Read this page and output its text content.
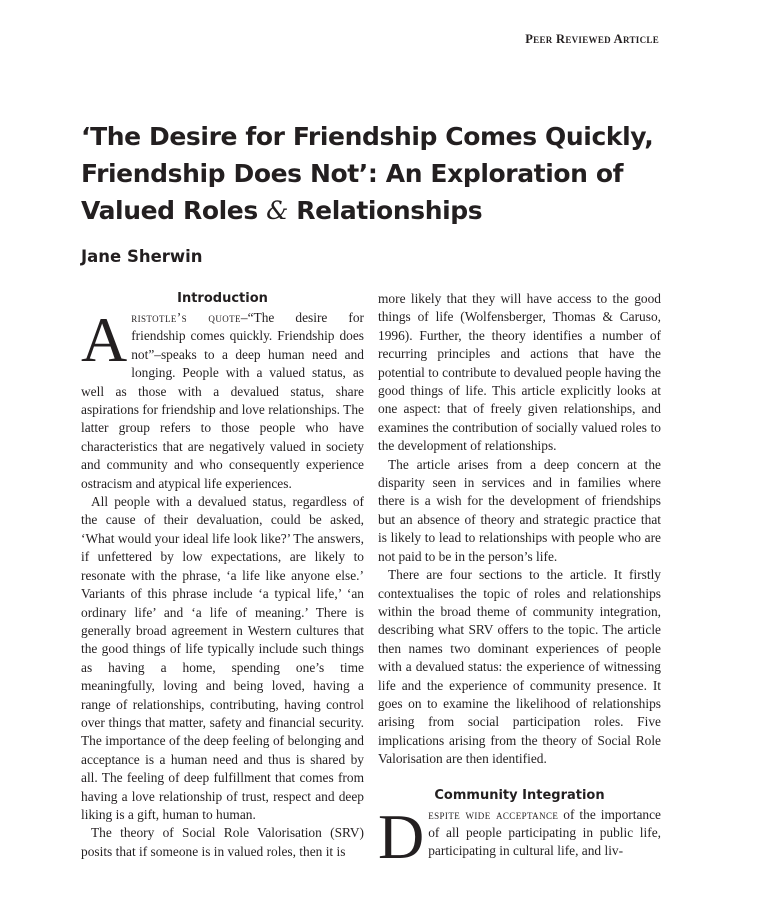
Peer Reviewed Article
‘The Desire for Friendship Comes Quickly,
Friendship Does Not’: An Exploration of
Valued Roles & Relationships
Jane Sherwin
Introduction

Aristotle’s quote–“The desire for friendship comes quickly. Friendship does not”–speaks to a deep human need and longing. People with a valued status, as well as those with a devalued status, share aspirations for friendship and love relationships. The latter group refers to those people who have characteristics that are negatively valued in society and community and who consequently experience ostracism and atypical life experiences.

All people with a devalued status, regardless of the cause of their devaluation, could be asked, ‘What would your ideal life look like?’ The answers, if unfettered by low expectations, are likely to resonate with the phrase, ‘a life like anyone else.’ Variants of this phrase include ‘a typical life,’ ‘an ordinary life’ and ‘a life of meaning.’ There is generally broad agreement in Western cultures that the good things of life typically include such things as having a home, spending one’s time meaningfully, loving and being loved, having a range of relationships, contributing, having control over things that matter, safety and financial security. The importance of the deep feeling of belonging and acceptance is a human need and thus is shared by all. The feeling of deep fulfillment that comes from having a love relationship of trust, respect and deep liking is a gift, human to human.

The theory of Social Role Valorisation (SRV) posits that if someone is in valued roles, then it is

more likely that they will have access to the good things of life (Wolfensberger, Thomas & Caruso, 1996). Further, the theory identifies a number of recurring principles and actions that have the potential to contribute to devalued people having the good things of life. This article explicitly looks at one aspect: that of freely given relationships, and examines the contribution of socially valued roles to the development of relationships.

The article arises from a deep concern at the disparity seen in services and in families where there is a wish for the development of friendships but an absence of theory and strategic practice that is likely to lead to relationships with people who are not paid to be in the person’s life.

There are four sections to the article. It firstly contextualises the topic of roles and relationships within the broad theme of community integration, describing what SRV offers to the topic. The article then names two dominant experiences of people with a devalued status: the experience of witnessing life and the experience of community presence. It goes on to examine the likelihood of relationships arising from social participation roles. Five implications arising from the theory of Social Role Valorisation are then identified.

Community Integration

Despite wide acceptance of the importance of all people participating in public life, participating in cultural life, and liv-
